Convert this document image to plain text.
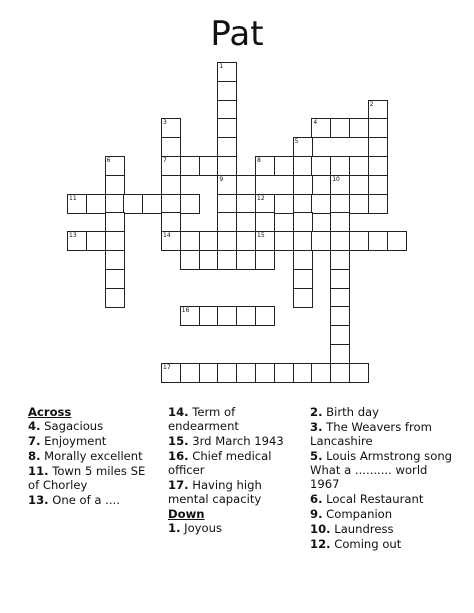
Pat
1
2
3	4
5
6	7	8
9	10
11	12
13	14	15
16
17
Across
4. Sagacious
7. Enjoyment
8. Morally excellent
11. Town 5 miles SE of Chorley
13. One of a ....
14. Term of endearment
15. 3rd March 1943
16. Chief medical officer
17. Having high mental capacity
Down
1. Joyous
2. Birth day
3. The Weavers from Lancashire
5. Louis Armstrong song What a .......... world 1967
6. Local Restaurant
9. Companion
10. Laundress
12. Coming out
